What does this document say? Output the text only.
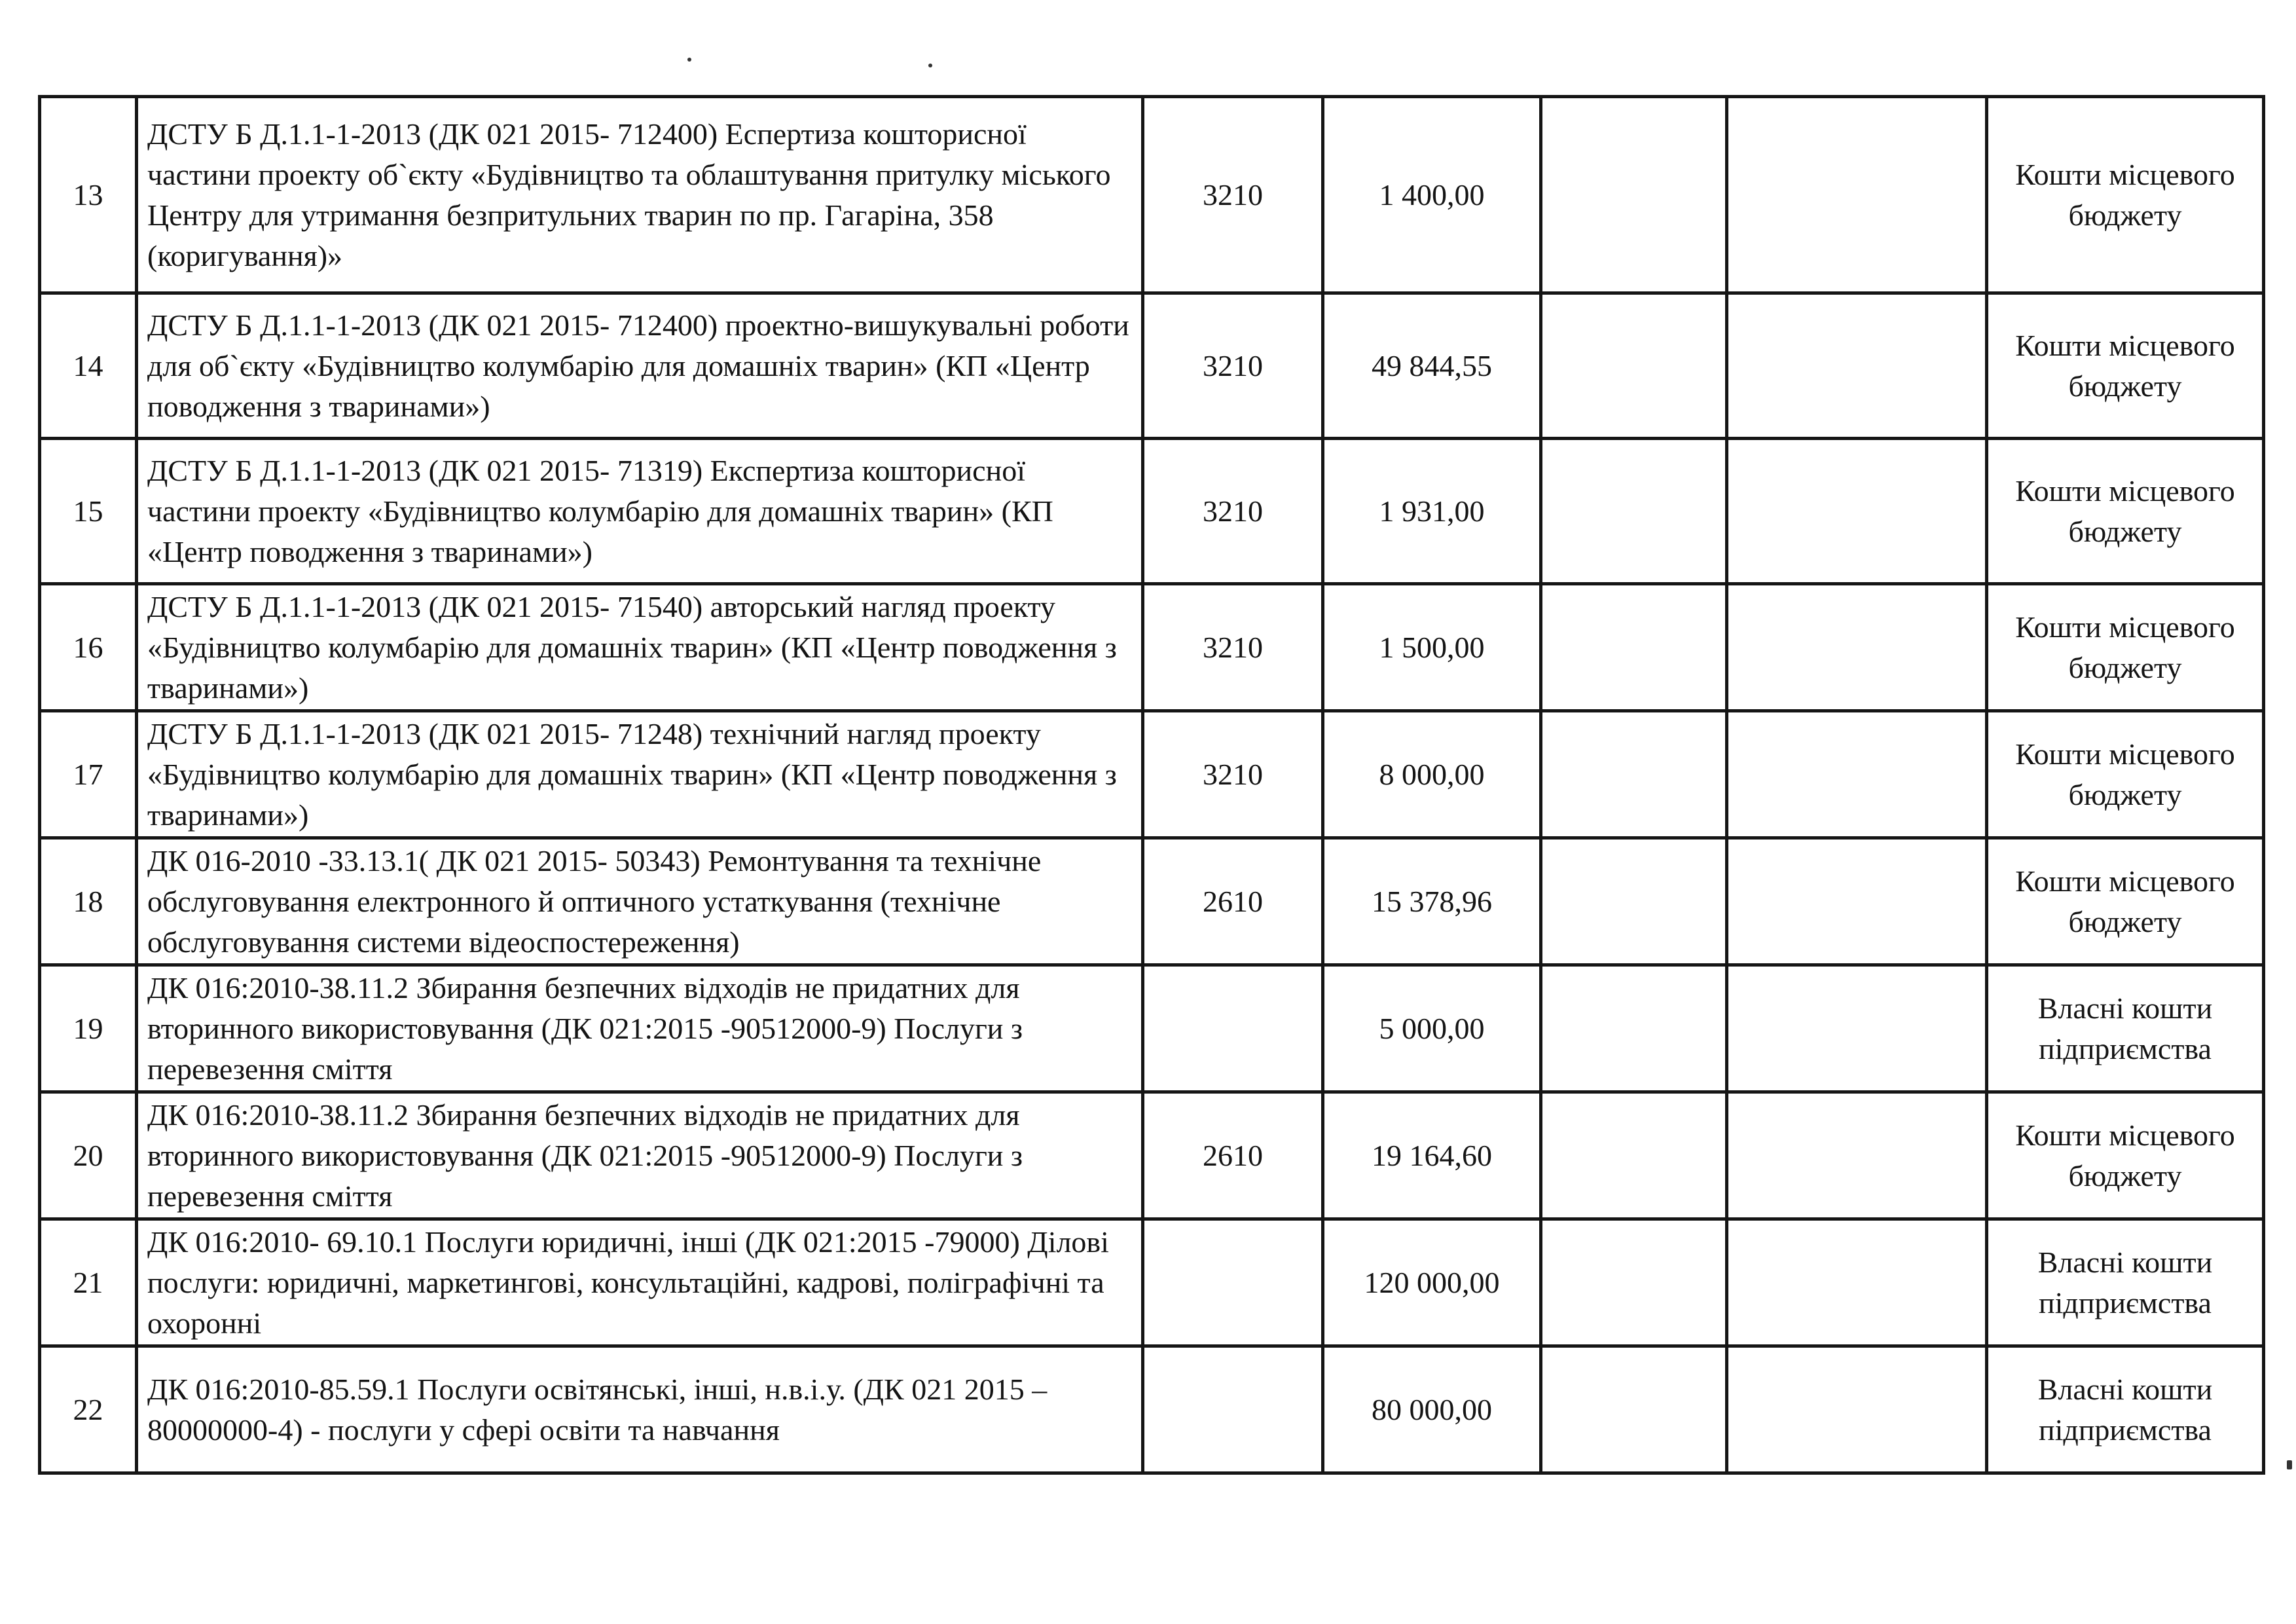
13	ДСТУ Б Д.1.1-1-2013 (ДК 021 2015- 712400) Еспертиза кошторисної частини проекту об`єкту «Будівництво та облаштування притулку міського Центру для утримання безпритульних тварин по пр. Гагаріна, 358 (коригування)»	3210	1 400,00			Кошти місцевого бюджету
14	ДСТУ Б Д.1.1-1-2013 (ДК 021 2015- 712400) проектно-вишукувальні роботи для об`єкту «Будівництво колумбарію для домашніх тварин» (КП «Центр поводження з тваринами»)	3210	49 844,55			Кошти місцевого бюджету
15	ДСТУ Б Д.1.1-1-2013 (ДК 021 2015- 71319) Експертиза кошторисної частини проекту «Будівництво колумбарію для домашніх тварин» (КП «Центр поводження з тваринами»)	3210	1 931,00			Кошти місцевого бюджету
16	ДСТУ Б Д.1.1-1-2013 (ДК 021 2015- 71540) авторський нагляд проекту «Будівництво колумбарію для домашніх тварин» (КП «Центр поводження з тваринами»)	3210	1 500,00			Кошти місцевого бюджету
17	ДСТУ Б Д.1.1-1-2013 (ДК 021 2015- 71248) технічний нагляд проекту «Будівництво колумбарію для домашніх тварин» (КП «Центр поводження з тваринами»)	3210	8 000,00			Кошти місцевого бюджету
18	ДК 016-2010 -33.13.1( ДК 021 2015- 50343) Ремонтування та технічне обслуговування електронного й оптичного устаткування (технічне обслуговування системи відеоспостереження)	2610	15 378,96			Кошти місцевого бюджету
19	ДК 016:2010-38.11.2 Збирання безпечних відходів не придатних для вторинного використовування (ДК 021:2015 -90512000-9) Послуги з перевезення сміття		5 000,00			Власні кошти підприємства
20	ДК 016:2010-38.11.2 Збирання безпечних відходів не придатних для вторинного використовування (ДК 021:2015 -90512000-9) Послуги з перевезення сміття	2610	19 164,60			Кошти місцевого бюджету
21	ДК 016:2010- 69.10.1 Послуги юридичні, інші (ДК 021:2015 -79000) Ділові послуги: юридичні, маркетингові, консультаційні, кадрові, поліграфічні та охоронні		120 000,00			Власні кошти підприємства
22	ДК 016:2010-85.59.1 Послуги освітянські, інші, н.в.і.у. (ДК 021 2015 – 80000000-4) - послуги у сфері освіти та навчання		80 000,00			Власні кошти підприємства
